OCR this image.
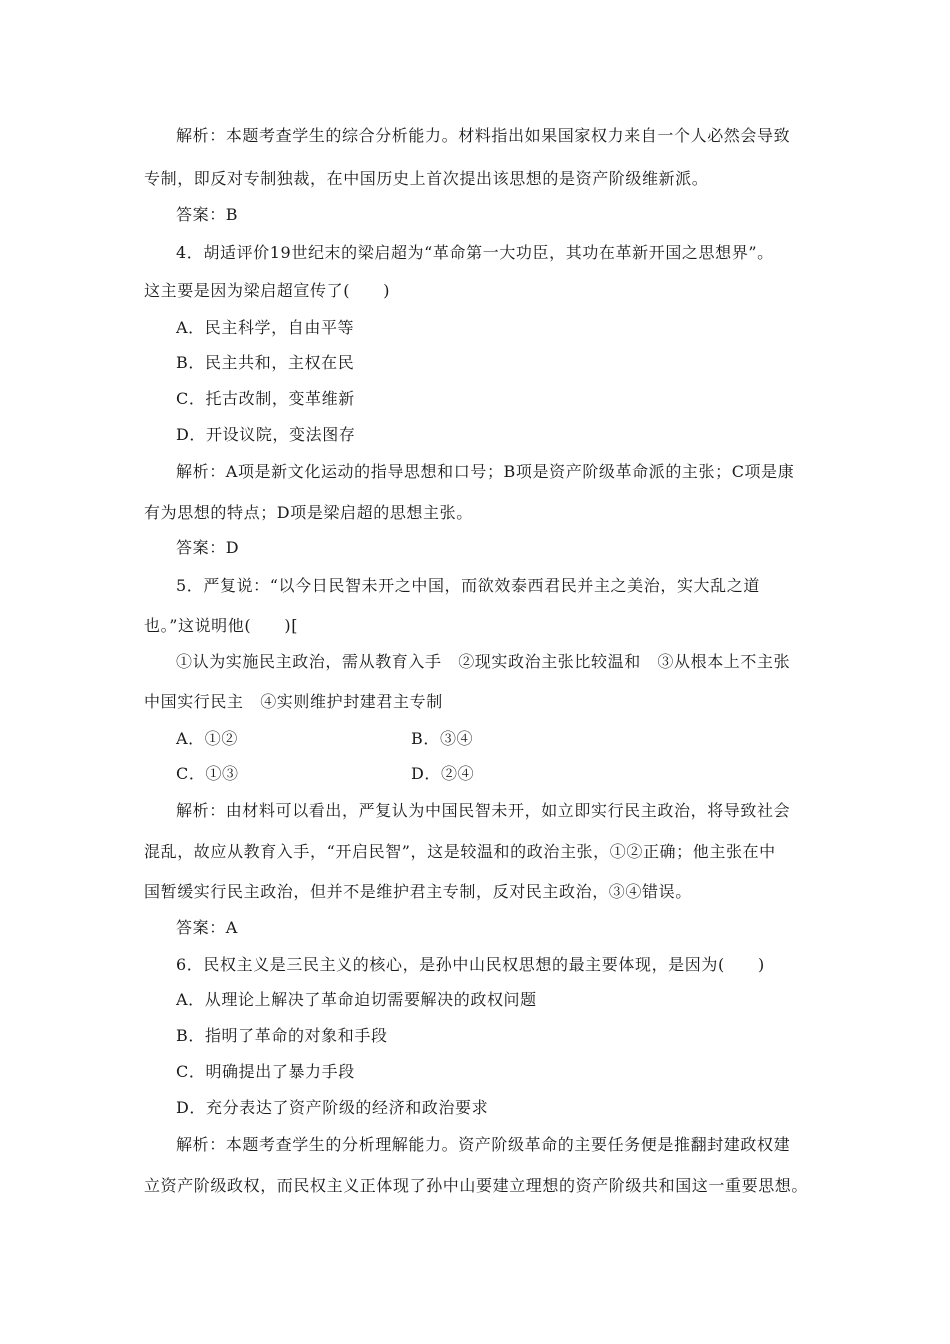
解析：本题考查学生的综合分析能力。材料指出如果国家权力来自一个人必然会导致
专制，即反对专制独裁，在中国历史上首次提出该思想的是资产阶级维新派。
答案：B
4．胡适评价19世纪末的梁启超为“革命第一大功臣，其功在革新开国之思想界”。
这主要是因为梁启超宣传了(　　)
A．民主科学，自由平等
B．民主共和，主权在民
C．托古改制，变革维新
D．开设议院，变法图存
解析：A项是新文化运动的指导思想和口号；B项是资产阶级革命派的主张；C项是康
有为思想的特点；D项是梁启超的思想主张。
答案：D
5．严复说：“以今日民智未开之中国，而欲效泰西君民并主之美治，实大乱之道
也。”这说明他(　　)[
①认为实施民主政治，需从教育入手　②现实政治主张比较温和　③从根本上不主张
中国实行民主　④实则维护封建君主专制
A．①②	B．③④
C．①③	D．②④
解析：由材料可以看出，严复认为中国民智未开，如立即实行民主政治，将导致社会
混乱，故应从教育入手，“开启民智”，这是较温和的政治主张，①②正确；他主张在中
国暂缓实行民主政治，但并不是维护君主专制，反对民主政治，③④错误。
答案：A
6．民权主义是三民主义的核心，是孙中山民权思想的最主要体现，是因为(　　)
A．从理论上解决了革命迫切需要解决的政权问题
B．指明了革命的对象和手段
C．明确提出了暴力手段
D．充分表达了资产阶级的经济和政治要求
解析：本题考查学生的分析理解能力。资产阶级革命的主要任务便是推翻封建政权建
立资产阶级政权，而民权主义正体现了孙中山要建立理想的资产阶级共和国这一重要思想。
